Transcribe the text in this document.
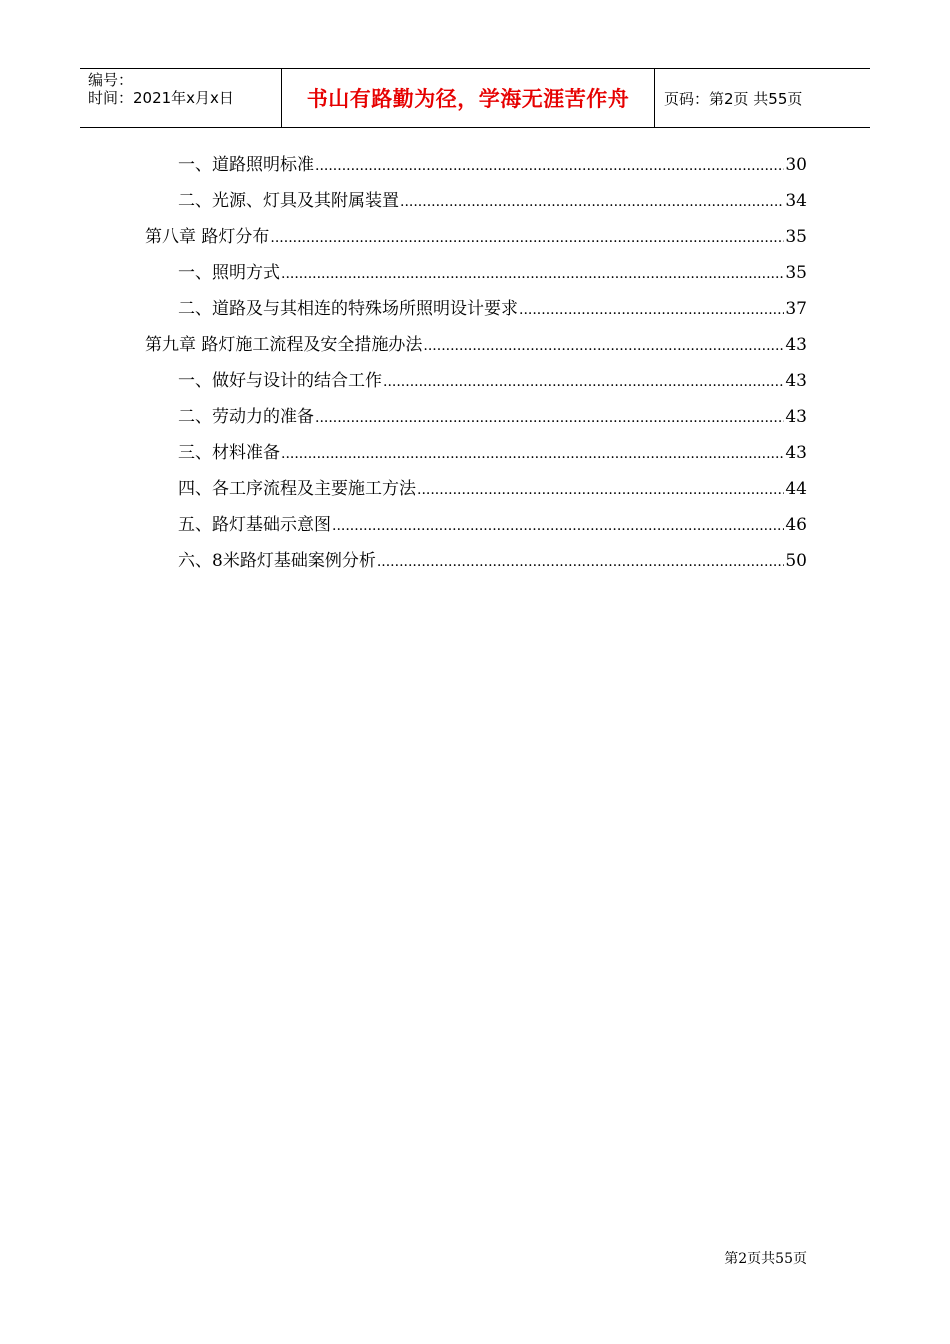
编号：
时间：2021年x月x日	书山有路勤为径，学海无涯苦作舟	页码：第2页 共55页
一、道路照明标准 .....	30
二、光源、灯具及其附属装置 .....	34
第八章 路灯分布 .....	35
一、照明方式 .....	35
二、道路及与其相连的特殊场所照明设计要求 .....	37
第九章 路灯施工流程及安全措施办法 .....	43
一、做好与设计的结合工作 .....	43
二、劳动力的准备 .....	43
三、材料准备 .....	43
四、各工序流程及主要施工方法 .....	44
五、路灯基础示意图 .....	46
六、8米路灯基础案例分析 .....	50
第2页共55页
